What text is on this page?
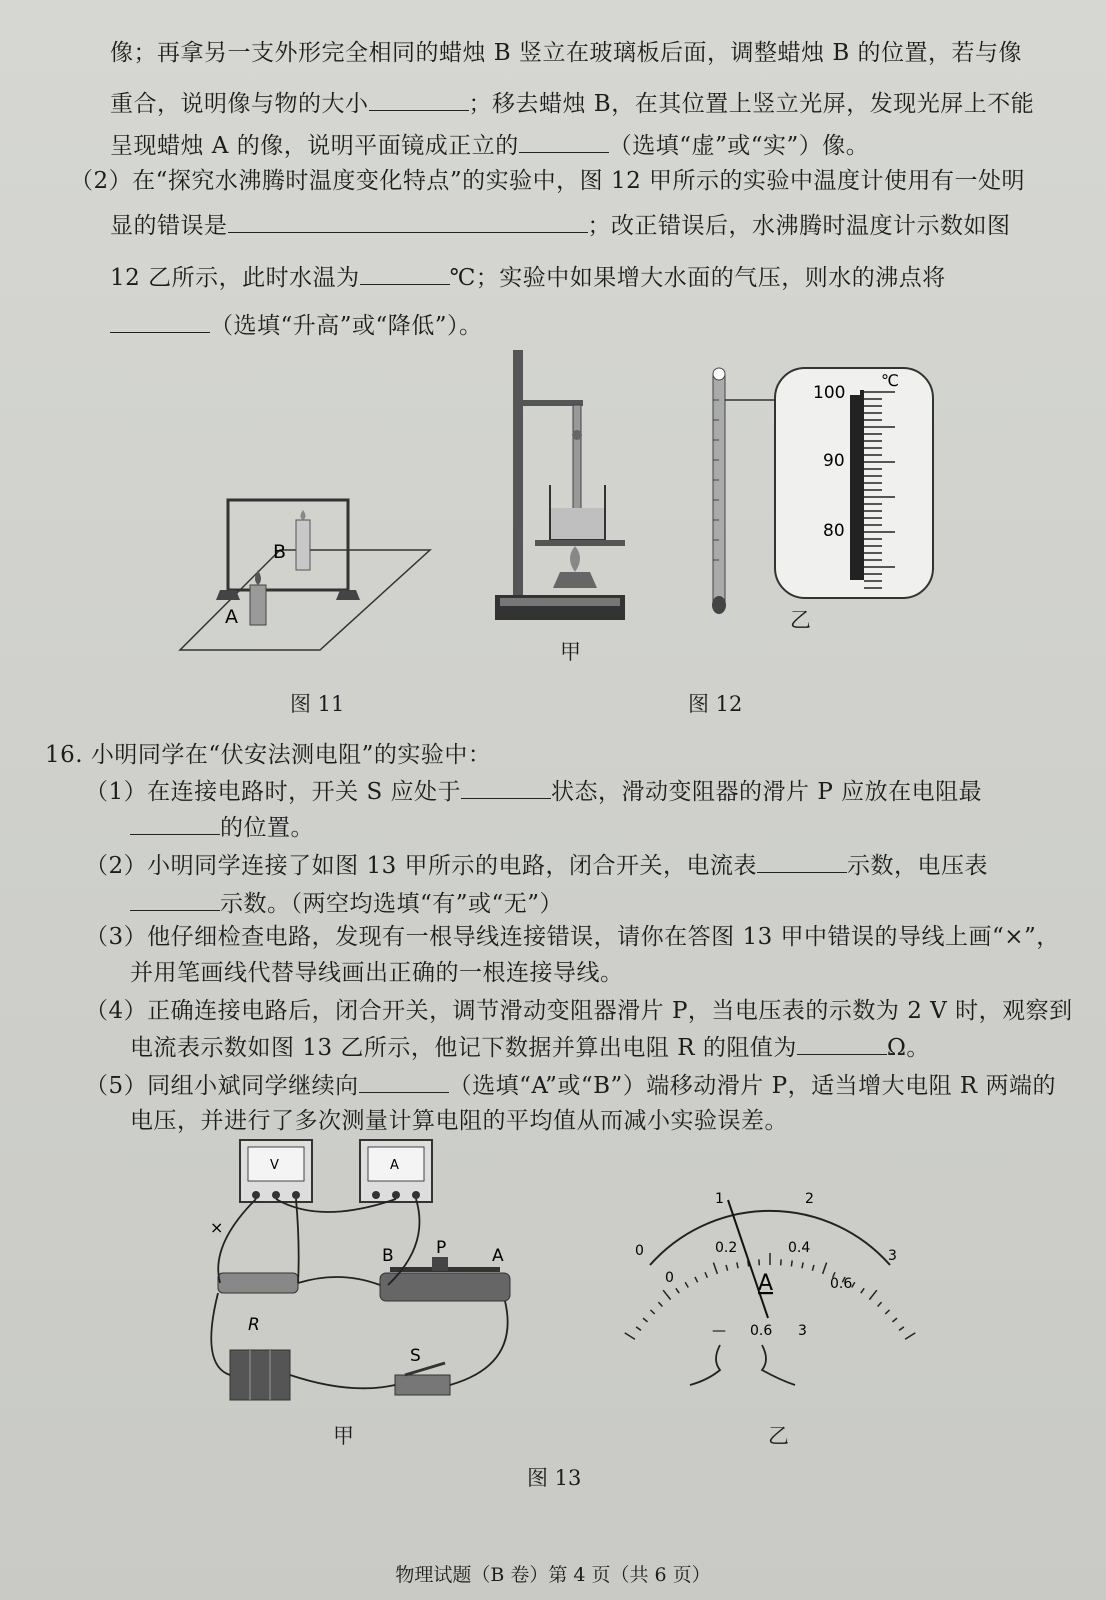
像；再拿另一支外形完全相同的蜡烛 B 竖立在玻璃板后面，调整蜡烛 B 的位置，若与像
重合，说明像与物的大小	；移去蜡烛 B，在其位置上竖立光屏，发现光屏上不能
呈现蜡烛 A 的像，说明平面镜成正立的	（选填“虚”或“实”）像。
（2）在“探究水沸腾时温度变化特点”的实验中，图 12 甲所示的实验中温度计使用有一处明
显的错误是	；改正错误后，水沸腾时温度计示数如图
12 乙所示，此时水温为	℃；实验中如果增大水面的气压，则水的沸点将
（选填“升高”或“降低”）。
B
A
图 11
甲
100
90
80
℃
乙
图 12
16. 小明同学在“伏安法测电阻”的实验中：
（1）在连接电路时，开关 S 应处于	状态，滑动变阻器的滑片 P 应放在电阻最
的位置。
（2）小明同学连接了如图 13 甲所示的电路，闭合开关，电流表	示数，电压表
示数。（两空均选填“有”或“无”）
（3）他仔细检查电路，发现有一根导线连接错误，请你在答图 13 甲中错误的导线上画“×”，
并用笔画线代替导线画出正确的一根连接导线。
（4）正确连接电路后，闭合开关，调节滑动变阻器滑片 P，当电压表的示数为 2 V 时，观察到
电流表示数如图 13 乙所示，他记下数据并算出电阻 R 的阻值为	Ω。
（5）同组小斌同学继续向	（选填“A”或“B”）端移动滑片 P，适当增大电阻 R 两端的
电压，并进行了多次测量计算电阻的平均值从而减小实验误差。
V	A
R
B P	A
S
×
甲
0
1	2
3
0
0.2	0.4
0.6
A
— 0.6 3
乙
图 13
物理试题（B 卷）第 4 页（共 6 页）
